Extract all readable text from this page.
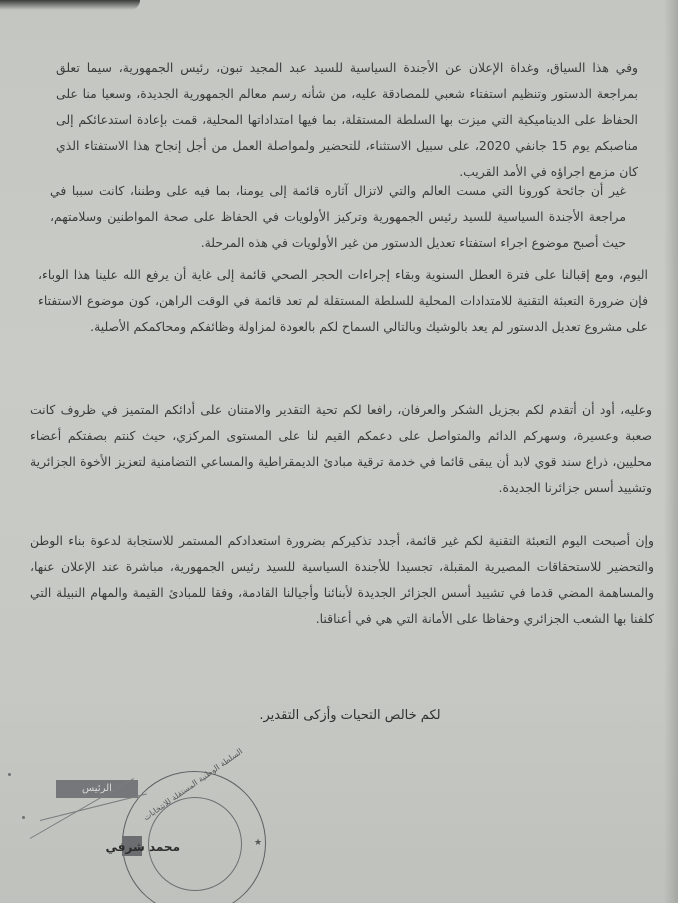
وفي هذا السياق، وغداة الإعلان عن الأجندة السياسية للسيد عبد المجيد تبون، رئيس الجمهورية، سيما تعلق بمراجعة الدستور وتنظيم استفتاء شعبي للمصادقة عليه، من شأنه رسم معالم الجمهورية الجديدة، وسعيا منا على الحفاظ على الديناميكية التي ميزت بها السلطة المستقلة، بما فيها امتداداتها المحلية، قمت بإعادة استدعائكم إلى مناصبكم يوم 15 جانفي 2020، على سبيل الاستثناء، للتحضير ولمواصلة العمل من أجل إنجاح هذا الاستفتاء الذي كان مزمع اجراؤه في الأمد القريب.

غير أن جائحة كورونا التي مست العالم والتي لاتزال آثاره قائمة إلى يومنا، بما فيه على وطننا، كانت سببا في مراجعة الأجندة السياسية للسيد رئيس الجمهورية وتركيز الأولويات في الحفاظ على صحة المواطنين وسلامتهم، حيث أصبح موضوع اجراء استفتاء تعديل الدستور من غير الأولويات في هذه المرحلة.

اليوم، ومع إقبالنا على فترة العطل السنوية وبقاء إجراءات الحجر الصحي قائمة إلى غاية أن يرفع الله علينا هذا الوباء، فإن ضرورة التعبئة التقنية للامتدادات المحلية للسلطة المستقلة لم تعد قائمة في الوقت الراهن، كون موضوع الاستفتاء على مشروع تعديل الدستور لم يعد بالوشيك وبالتالي السماح لكم بالعودة لمزاولة وظائفكم ومحاكمكم الأصلية.

وعليه، أود أن أتقدم لكم بجزيل الشكر والعرفان، رافعا لكم تحية التقدير والامتنان على أدائكم المتميز في ظروف كانت صعبة وعسيرة، وسهركم الدائم والمتواصل على دعمكم القيم لنا على المستوى المركزي، حيث كنتم بصفتكم أعضاء محليين، ذراع سند قوي لابد أن يبقى قائما في خدمة ترقية مبادئ الديمقراطية والمساعي التضامنية لتعزيز الأخوة الجزائرية وتشييد أسس جزائرنا الجديدة.

وإن أصبحت اليوم التعبئة التقنية لكم غير قائمة، أجدد تذكيركم بضرورة استعدادكم المستمر للاستجابة لدعوة بناء الوطن والتحضير للاستحقاقات المصيرية المقبلة، تجسيدا للأجندة السياسية للسيد رئيس الجمهورية، مباشرة عند الإعلان عنها، والمساهمة المضي قدما في تشييد أسس الجزائر الجديدة لأبنائنا وأجيالنا القادمة، وفقا للمبادئ القيمة والمهام النبيلة التي كلفنا بها الشعب الجزائري وحفاظا على الأمانة التي هي في أعناقنا.

لكم خالص التحيات وأزكى التقدير.
السلطة الوطنية المستقلة للانتخابات
★
الرئيس
محمد شرفي
